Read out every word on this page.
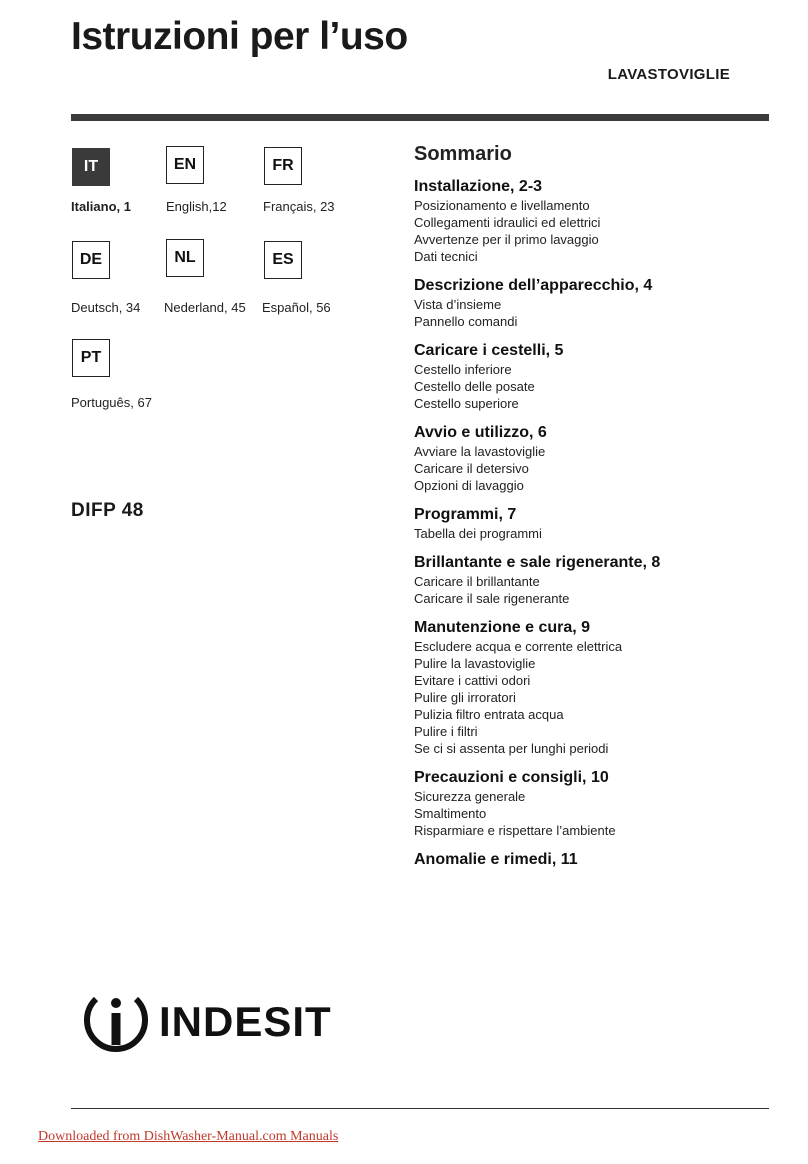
Istruzioni per l’uso
LAVASTOVIGLIE
IT
Italiano, 1
EN
English,12
FR
Français, 23
DE
Deutsch, 34
NL
Nederland, 45
ES
Español, 56
PT
Português, 67
DIFP 48
Sommario
Installazione, 2-3
Posizionamento e livellamento
Collegamenti idraulici ed elettrici
Avvertenze per il primo lavaggio
Dati tecnici
Descrizione dell’apparecchio, 4
Vista d’insieme
Pannello comandi
Caricare i cestelli, 5
Cestello inferiore
Cestello delle posate
Cestello superiore
Avvio e utilizzo, 6
Avviare la lavastoviglie
Caricare il detersivo
Opzioni di lavaggio
Programmi, 7
Tabella dei programmi
Brillantante e sale rigenerante, 8
Caricare il brillantante
Caricare il sale rigenerante
Manutenzione e cura, 9
Escludere acqua e corrente elettrica
Pulire la lavastoviglie
Evitare i cattivi odori
Pulire gli irroratori
Pulizia filtro entrata acqua
Pulire i filtri
Se ci si assenta per lunghi periodi
Precauzioni e consigli, 10
Sicurezza generale
Smaltimento
Risparmiare e rispettare l’ambiente
Anomalie e rimedi, 11
INDESIT
Downloaded from DishWasher-Manual.com Manuals
